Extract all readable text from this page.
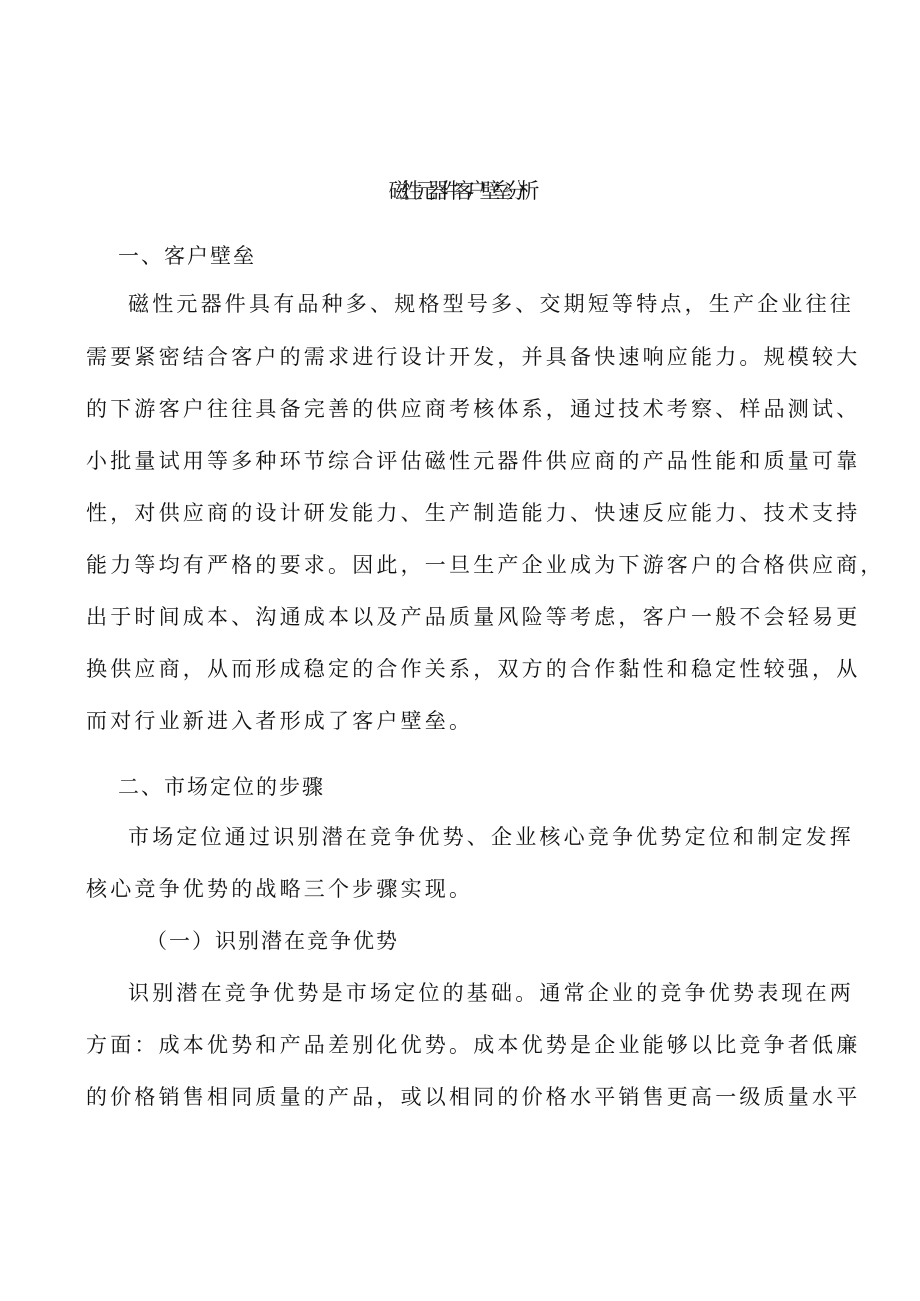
磁性元器件客户壁垒分析
一、客户壁垒
磁性元器件具有品种多、规格型号多、交期短等特点，生产企业往往
需要紧密结合客户的需求进行设计开发，并具备快速响应能力。规模较大
的下游客户往往具备完善的供应商考核体系，通过技术考察、样品测试、
小批量试用等多种环节综合评估磁性元器件供应商的产品性能和质量可靠
性，对供应商的设计研发能力、生产制造能力、快速反应能力、技术支持
能力等均有严格的要求。因此，一旦生产企业成为下游客户的合格供应商，
出于时间成本、沟通成本以及产品质量风险等考虑，客户一般不会轻易更
换供应商，从而形成稳定的合作关系，双方的合作黏性和稳定性较强，从
而对行业新进入者形成了客户壁垒。
二、市场定位的步骤
市场定位通过识别潜在竞争优势、企业核心竞争优势定位和制定发挥
核心竞争优势的战略三个步骤实现。
（一）识别潜在竞争优势
识别潜在竞争优势是市场定位的基础。通常企业的竞争优势表现在两
方面：成本优势和产品差别化优势。成本优势是企业能够以比竞争者低廉
的价格销售相同质量的产品，或以相同的价格水平销售更高一级质量水平
